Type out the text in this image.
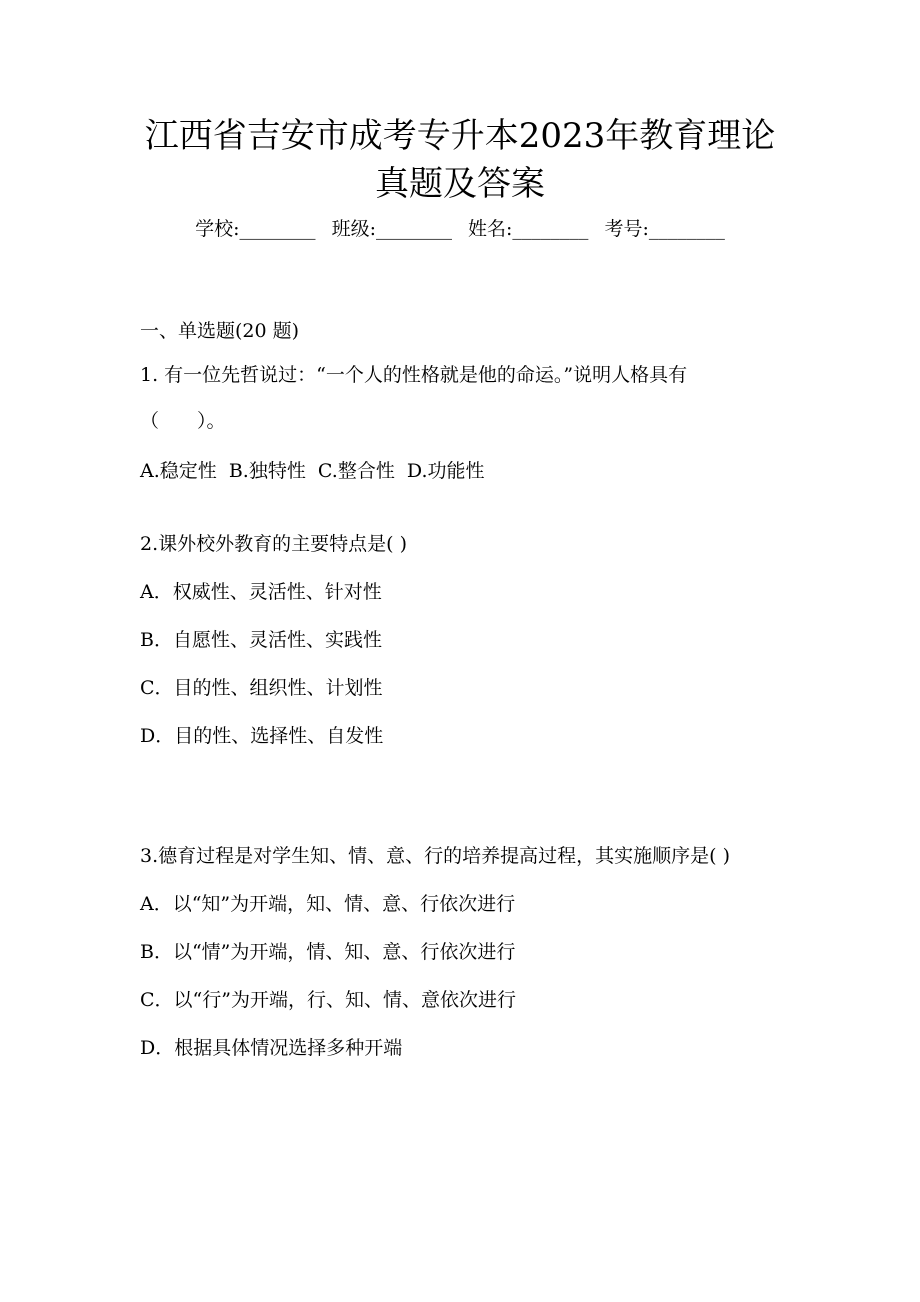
江西省吉安市成考专升本2023年教育理论
真题及答案
学校:________ 班级:________ 姓名:________ 考号:________
一、单选题(20 题)
1. 有一位先哲说过：“一个人的性格就是他的命运。”说明人格具有
（　　）。
A.稳定性  B.独特性  C.整合性  D.功能性
2.课外校外教育的主要特点是( )
A．权威性、灵活性、针对性
B．自愿性、灵活性、实践性
C．目的性、组织性、计划性
D．目的性、选择性、自发性
3.德育过程是对学生知、情、意、行的培养提高过程，其实施顺序是( )
A．以“知”为开端，知、情、意、行依次进行
B．以“情”为开端，情、知、意、行依次进行
C．以“行”为开端，行、知、情、意依次进行
D．根据具体情况选择多种开端
